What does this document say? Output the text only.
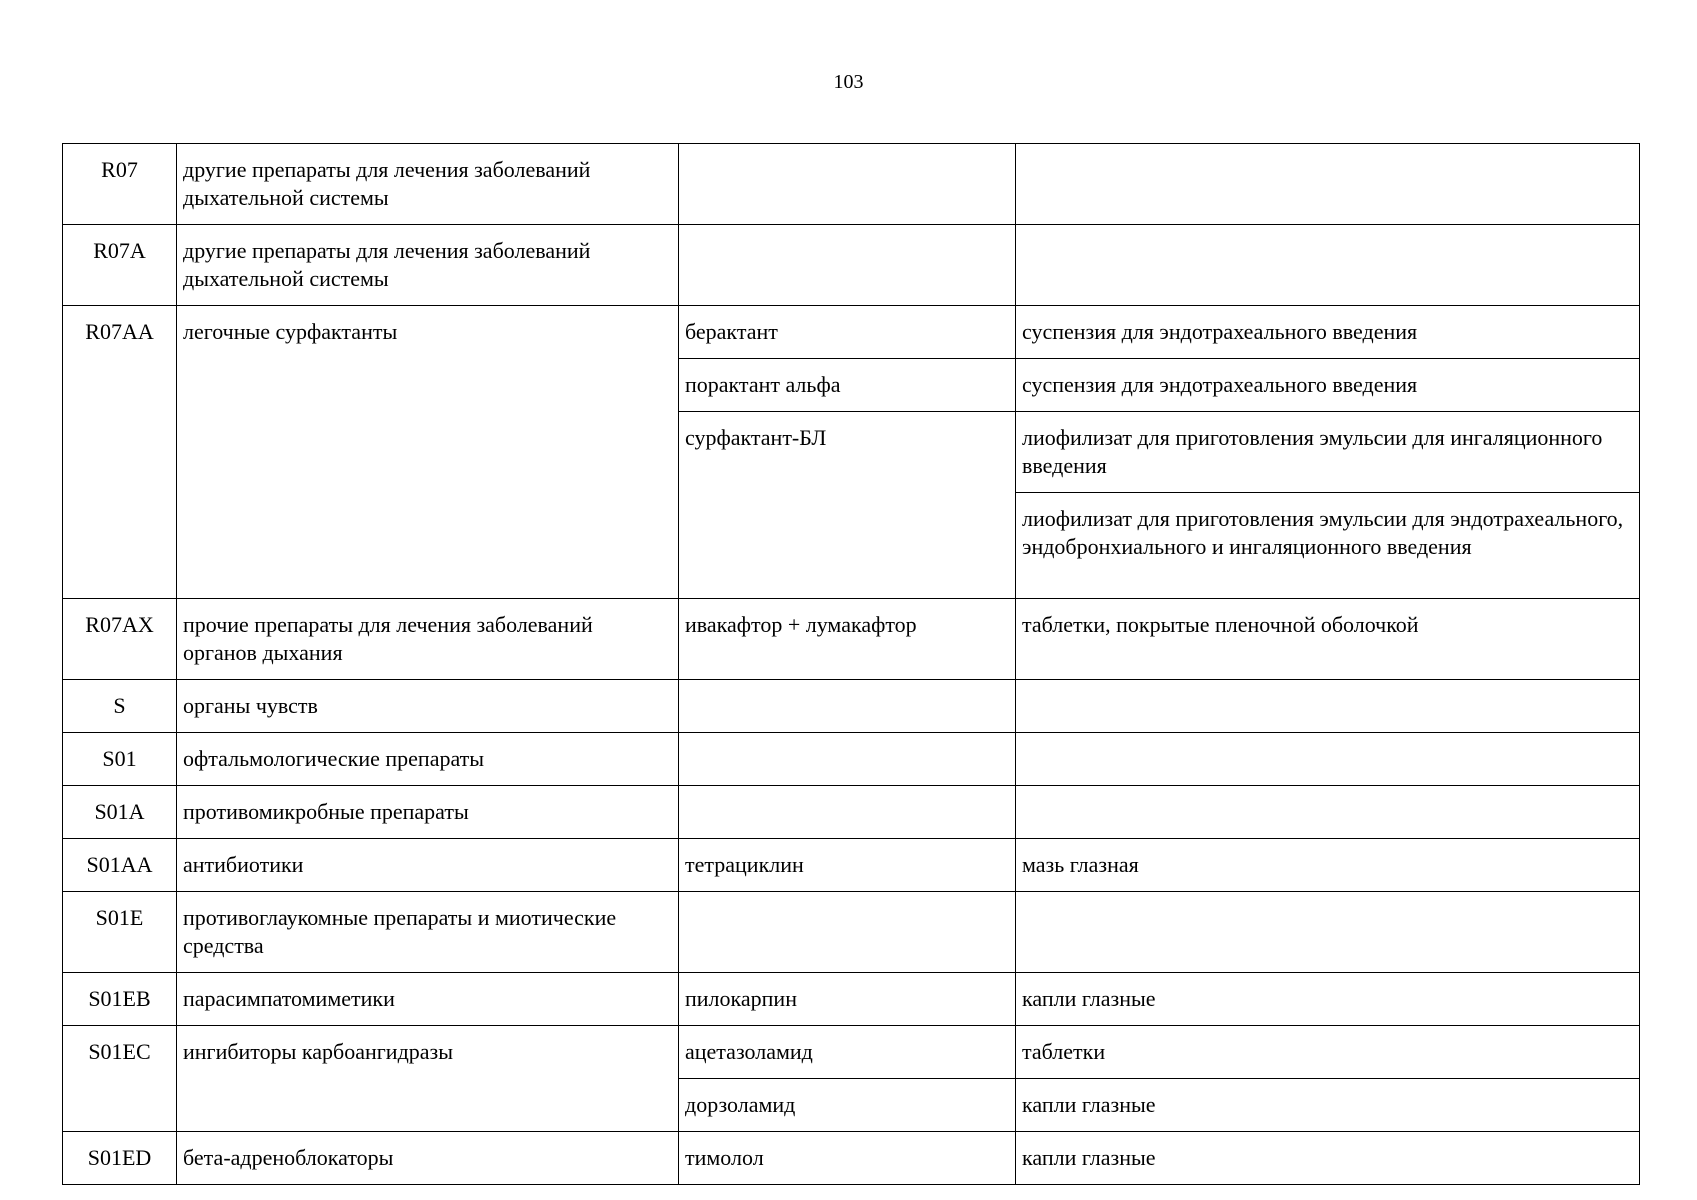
103
R07	другие препараты для лечения заболеваний дыхательной системы		
R07A	другие препараты для лечения заболеваний дыхательной системы		
R07AA	легочные сурфактанты	берактант	суспензия для эндотрахеального введения
		порактант альфа	суспензия для эндотрахеального введения
		сурфактант-БЛ	лиофилизат для приготовления эмульсии для ингаляционного введения
			лиофилизат для приготовления эмульсии для эндотрахеального, эндобронхиального и ингаляционного введения
R07AX	прочие препараты для лечения заболеваний органов дыхания	ивакафтор + лумакафтор	таблетки, покрытые пленочной оболочкой
S	органы чувств		
S01	офтальмологические препараты		
S01A	противомикробные препараты		
S01AA	антибиотики	тетрациклин	мазь глазная
S01E	противоглаукомные препараты и миотические средства		
S01EB	парасимпатомиметики	пилокарпин	капли глазные
S01EC	ингибиторы карбоангидразы	ацетазоламид	таблетки
		дорзоламид	капли глазные
S01ED	бета-адреноблокаторы	тимолол	капли глазные
